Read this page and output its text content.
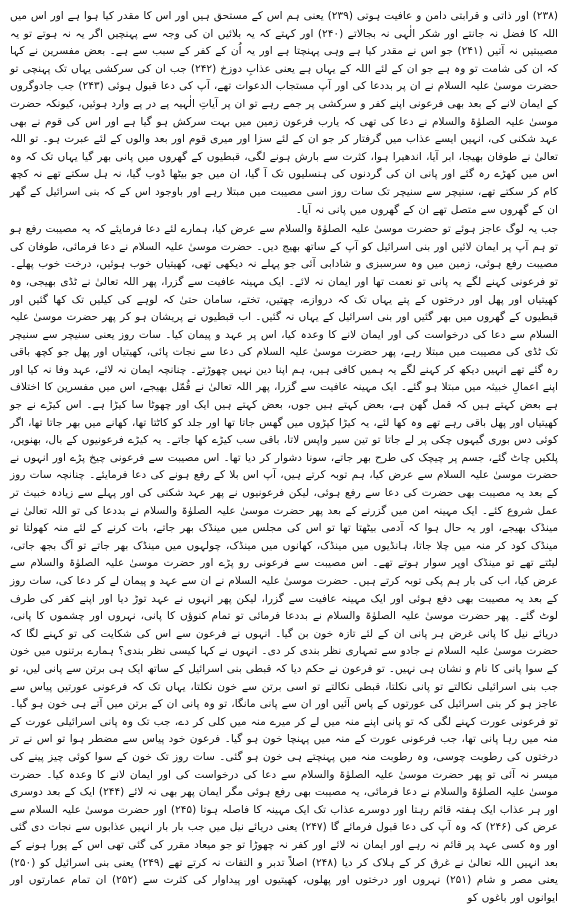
(۲۳۸) اور ذاتی و قرابتی دامن و عافیت ہوتی (۲۳۹) یعنی ہم اس کے مستحق ہیں اور اس کا مقدر کیا ہوا ہے اور اس میں اللہ کا فضل نہ جانتے اور شکر الٰہی نہ بجالاتے (۲۴۰) اور کہتے کہ یہ بلائیں ان کی وجہ سے پہنچیں اگر یہ نہ ہوتے تو یہ مصیبتیں نہ آتیں (۲۴۱) جو اس نے مقدر کیا ہے وہی پہنچتا ہے اور یہ اُن کے کفر کے سبب سے ہے۔ بعض مفسرین نے کہا کہ ان کی شامت تو وہ ہے جو ان کے لئے اللہ کے یہاں ہے یعنی عذابِ دوزخ (۲۴۲) جب ان کی سرکشی یہاں تک پہنچی تو حضرت موسیٰ علیہ السلام نے ان پر بددعا کی اور آپ مستجاب الدعوات تھے، آپ کی دعا قبول ہوئی (۲۴۳) جب جادوگروں کے ایمان لانے کے بعد بھی فرعونی اپنے کفر و سرکشی پر جمے رہے تو ان پر آیاتِ الٰہیہ پے در پے وارد ہوئیں، کیونکہ حضرت موسیٰ علیہ الصلوٰۃ والسلام نے دعا کی تھی کہ یارب فرعون زمین میں بہت سرکش ہو گیا ہے اور اس کی قوم نے بھی عہد شکنی کی، انہیں ایسے عذاب میں گرفتار کر جو ان کے لئے سزا اور میری قوم اور بعد والوں کے لئے عبرت ہو۔ تو اللہ تعالیٰ نے طوفان بھیجا، ابر آیا، اندھیرا ہوا، کثرت سے بارش ہونے لگی، قبطیوں کے گھروں میں پانی بھر گیا یہاں تک کہ وہ اس میں کھڑے رہ گئے اور پانی ان کی گردنوں کی ہنسلیوں تک آ گیا، ان میں جو بیٹھا ڈوب گیا، نہ ہل سکتے تھے نہ کچھ کام کر سکتے تھے، سنیچر سے سنیچر تک سات روز اسی مصیبت میں مبتلا رہے اور باوجود اس کے کہ بنی اسرائیل کے گھر ان کے گھروں سے متصل تھے ان کے گھروں میں پانی نہ آیا۔

جب یہ لوگ عاجز ہوئے تو حضرت موسیٰ علیہ الصلوٰۃ والسلام سے عرض کیا، ہمارے لئے دعا فرمایئے کہ یہ مصیبت رفع ہو تو ہم آپ پر ایمان لائیں اور بنی اسرائیل کو آپ کے ساتھ بھیج دیں۔ حضرت موسیٰ علیہ السلام نے دعا فرمائی، طوفان کی مصیبت رفع ہوئی، زمین میں وہ سرسبزی و شادابی آئی جو پہلے نہ دیکھی تھی، کھیتیاں خوب ہوئیں، درخت خوب پھلے۔ تو فرعونی کہنے لگے یہ پانی تو نعمت تھا اور ایمان نہ لائے۔ ایک مہینہ عافیت سے گزرا، پھر اللہ تعالیٰ نے ٹڈی بھیجی، وہ کھیتیاں اور پھل اور درختوں کے پتے یہاں تک کہ دروازے، چھتیں، تختے، سامان حتیٰ کہ لوہے کی کیلیں تک کھا گئیں اور قبطیوں کے گھروں میں بھر گئیں اور بنی اسرائیل کے یہاں نہ گئیں۔ اب قبطیوں نے پریشان ہو کر پھر حضرت موسیٰ علیہ السلام سے دعا کی درخواست کی اور ایمان لانے کا وعدہ کیا، اس پر عہد و پیمان کیا۔ سات روز یعنی سنیچر سے سنیچر تک ٹڈی کی مصیبت میں مبتلا رہے، پھر حضرت موسیٰ علیہ السلام کی دعا سے نجات پائی، کھیتیاں اور پھل جو کچھ باقی رہ گئے تھے انہیں دیکھ کر کہنے لگے یہ ہمیں کافی ہیں، ہم اپنا دین نہیں چھوڑتے۔ چنانچہ ایمان نہ لائے، عہد وفا نہ کیا اور اپنے اعمالِ خبیثہ میں مبتلا ہو گئے۔ ایک مہینہ عافیت سے گزرا، پھر اللہ تعالیٰ نے قُمّل بھیجے، اس میں مفسرین کا اختلاف ہے بعض کہتے ہیں کہ قمل گھن ہے، بعض کہتے ہیں جوں، بعض کہتے ہیں ایک اور چھوٹا سا کیڑا ہے۔ اس کیڑے نے جو کھیتیاں اور پھل باقی رہے تھے وہ کھا لئے، یہ کیڑا کپڑوں میں گھس جاتا تھا اور جلد کو کاٹتا تھا، کھانے میں بھر جاتا تھا، اگر کوئی دس بوری گیہوں چکی پر لے جاتا تو تین سیر واپس لاتا، باقی سب کیڑے کھا جاتے۔ یہ کیڑے فرعونیوں کے بال، بھنویں، پلکیں چاٹ گئے، جسم پر چیچک کی طرح بھر جاتے، سونا دشوار کر دیا تھا۔ اس مصیبت سے فرعونی چیخ پڑے اور انہوں نے حضرت موسیٰ علیہ السلام سے عرض کیا، ہم توبہ کرتے ہیں، آپ اس بلا کے رفع ہونے کی دعا فرمایئے۔ چنانچہ سات روز کے بعد یہ مصیبت بھی حضرت کی دعا سے رفع ہوئی، لیکن فرعونیوں نے پھر عہد شکنی کی اور پہلے سے زیادہ خبیث تر عمل شروع کئے۔ ایک مہینہ امن میں گزرنے کے بعد پھر حضرت موسیٰ علیہ الصلوٰۃ والسلام نے بددعا کی تو اللہ تعالیٰ نے مینڈک بھیجے، اور یہ حال ہوا کہ آدمی بیٹھتا تھا تو اس کی مجلس میں مینڈک بھر جاتے، بات کرنے کے لئے منہ کھولتا تو مینڈک کود کر منہ میں چلا جاتا، ہانڈیوں میں مینڈک، کھانوں میں مینڈک، چولہوں میں مینڈک بھر جاتے تو آگ بجھ جاتی، لیٹتے تھے تو مینڈک اوپر سوار ہوتے تھے۔ اس مصیبت سے فرعونی رو پڑے اور حضرت موسیٰ علیہ الصلوٰۃ والسلام سے عرض کیا، اب کی بار ہم پکی توبہ کرتے ہیں۔ حضرت موسیٰ علیہ السلام نے ان سے عہد و پیمان لے کر دعا کی، سات روز کے بعد یہ مصیبت بھی دفع ہوئی اور ایک مہینہ عافیت سے گزرا، لیکن پھر انہوں نے عہد توڑ دیا اور اپنے کفر کی طرف لوٹ گئے۔ پھر حضرت موسیٰ علیہ الصلوٰۃ والسلام نے بددعا فرمائی تو تمام کنوؤں کا پانی، نہروں اور چشموں کا پانی، دریائے نیل کا پانی غرض ہر پانی ان کے لئے تازہ خون بن گیا۔ انہوں نے فرعون سے اس کی شکایت کی تو کہنے لگا کہ حضرت موسیٰ علیہ السلام نے جادو سے تمہاری نظر بندی کر دی۔ انہوں نے کہا کیسی نظر بندی؟ ہمارے برتنوں میں خون کے سوا پانی کا نام و نشان ہی نہیں۔ تو فرعون نے حکم دیا کہ قبطی بنی اسرائیل کے ساتھ ایک ہی برتن سے پانی لیں، تو جب بنی اسرائیلی نکالتے تو پانی نکلتا، قبطی نکالتے تو اسی برتن سے خون نکلتا، یہاں تک کہ فرعونی عورتیں پیاس سے عاجز ہو کر بنی اسرائیل کی عورتوں کے پاس آئیں اور ان سے پانی مانگا، تو وہ پانی ان کے برتن میں آتے ہی خون ہو گیا۔ تو فرعونی عورت کہنے لگی کہ تو پانی اپنے منہ میں لے کر میرے منہ میں کلی کر دے، جب تک وہ پانی اسرائیلی عورت کے منہ میں رہا پانی تھا، جب فرعونی عورت کے منہ میں پہنچا خون ہو گیا۔ فرعون خود پیاس سے مضطر ہوا تو اس نے تر درختوں کی رطوبت چوسی، وہ رطوبت منہ میں پہنچتے ہی خون ہو گئی۔ سات روز تک خون کے سوا کوئی چیز پینے کی میسر نہ آئی تو پھر حضرت موسیٰ علیہ الصلوٰۃ والسلام سے دعا کی درخواست کی اور ایمان لانے کا وعدہ کیا۔ حضرت موسیٰ علیہ الصلوٰۃ والسلام نے دعا فرمائی، یہ مصیبت بھی رفع ہوئی مگر ایمان پھر بھی نہ لائے (۲۴۴) ایک کے بعد دوسری اور ہر عذاب ایک ہفتہ قائم رہتا اور دوسرے عذاب تک ایک مہینہ کا فاصلہ ہوتا (۲۴۵) اور حضرت موسیٰ علیہ السلام سے عرض کی (۲۴۶) کہ وہ آپ کی دعا قبول فرمائے گا (۲۴۷) یعنی دریائے نیل میں جب بار بار انہیں عذابوں سے نجات دی گئی اور وہ کسی عہد پر قائم نہ رہے اور ایمان نہ لائے اور کفر نہ چھوڑا تو جو میعاد مقرر کی گئی تھی اس کے پورا ہونے کے بعد انہیں اللہ تعالیٰ نے غرق کر کے ہلاک کر دیا (۲۴۸) اصلاً تدبر و التفات نہ کرتے تھے (۲۴۹) یعنی بنی اسرائیل کو (۲۵۰) یعنی مصر و شام (۲۵۱) نہروں اور درختوں اور پھلوں، کھیتیوں اور پیداوار کی کثرت سے (۲۵۲) ان تمام عمارتوں اور ایوانوں اور باغوں کو
